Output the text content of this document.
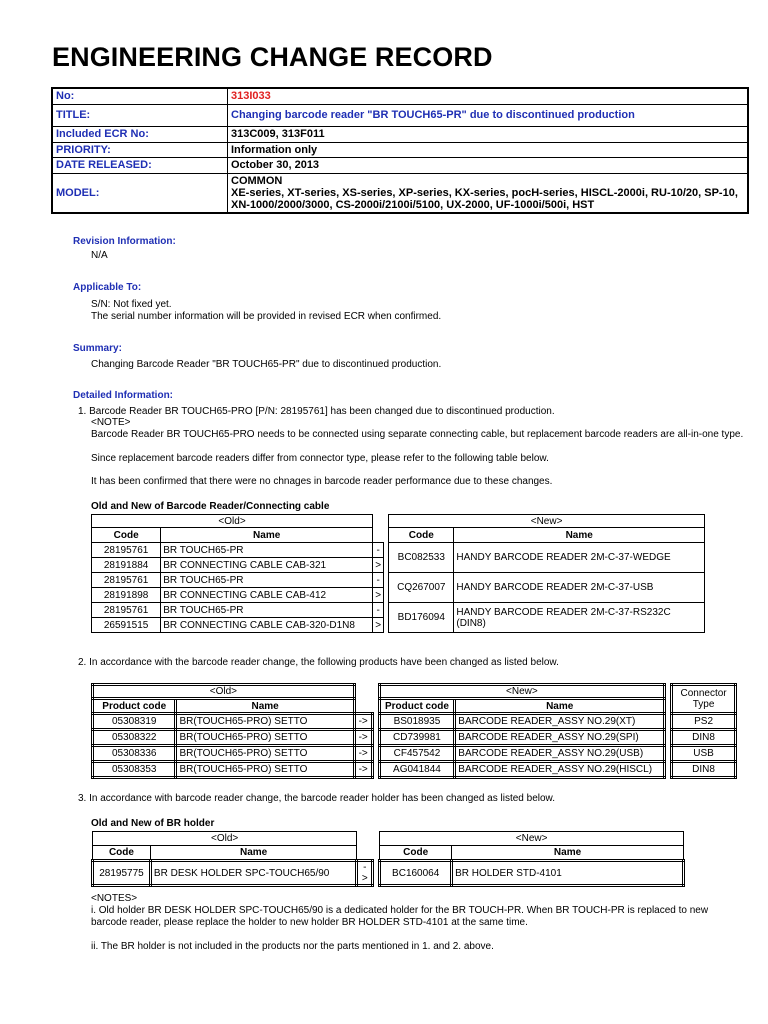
ENGINEERING CHANGE RECORD
No:	313I033
TITLE:	Changing barcode reader "BR TOUCH65-PR" due to discontinued production
Included ECR No:	313C009, 313F011
PRIORITY:	Information only
DATE RELEASED:	October 30, 2013
MODEL:	COMMON
XE-series, XT-series, XS-series, XP-series, KX-series, pocH-series, HISCL-2000i, RU-10/20, SP-10, XN-1000/2000/3000, CS-2000i/2100i/5100, UX-2000, UF-1000i/500i, HST
Revision Information:
N/A
Applicable To:
S/N: Not fixed yet.
The serial number information will be provided in revised ECR when confirmed.
Summary:
Changing Barcode Reader "BR TOUCH65-PR" due to discontinued production.
Detailed Information:
1. Barcode Reader BR TOUCH65-PRO [P/N: 28195761] has been changed due to discontinued production.
<NOTE>
Barcode Reader BR TOUCH65-PRO needs to be connected using separate connecting cable, but replacement barcode readers are all-in-one type.
Since replacement barcode readers differ from connector type, please refer to the following table below.
It has been confirmed that there were no chnages in barcode reader performance due to these changes.
Old and New of Barcode Reader/Connecting cable
<Old>				<New>	
Code	Name			Code	Name
28195761	BR TOUCH65-PR	-		BC082533	HANDY BARCODE READER 2M-C-37-WEDGE
28191884	BR CONNECTING CABLE CAB-321	>			
28195761	BR TOUCH65-PR	-		CQ267007	HANDY BARCODE READER 2M-C-37-USB
28191898	BR CONNECTING CABLE CAB-412	>			
28195761	BR TOUCH65-PR	-		BD176094	HANDY BARCODE READER 2M-C-37-RS232C (DIN8)
26591515	BR CONNECTING CABLE CAB-320-D1N8	>			
2. In accordance with the barcode reader change, the following products have been changed as listed below.
<Old>				<New>			Connector Type
Product code	Name			Product code	Name		
05308319	BR(TOUCH65-PRO) SETTO	->		BS018935	BARCODE READER_ASSY NO.29(XT)		PS2
05308322	BR(TOUCH65-PRO) SETTO	->		CD739981	BARCODE READER_ASSY NO.29(SPI)		DIN8
05308336	BR(TOUCH65-PRO) SETTO	->		CF457542	BARCODE READER_ASSY NO.29(USB)		USB
05308353	BR(TOUCH65-PRO) SETTO	->		AG041844	BARCODE READER_ASSY NO.29(HISCL)		DIN8
3. In accordance with barcode reader change, the barcode reader holder has been changed as listed below.
Old and New of BR holder
<Old>				<New>	
Code	Name			Code	Name
28195775	BR DESK HOLDER SPC-TOUCH65/90	->		BC160064	BR HOLDER STD-4101
<NOTES>
i. Old holder BR DESK HOLDER SPC-TOUCH65/90 is a dedicated holder for the BR TOUCH-PR. When BR TOUCH-PR is replaced to new barcode reader, please replace the holder to new holder BR HOLDER STD-4101 at the same time.
ii. The BR holder is not included in the products nor the parts mentioned in 1. and 2. above.
